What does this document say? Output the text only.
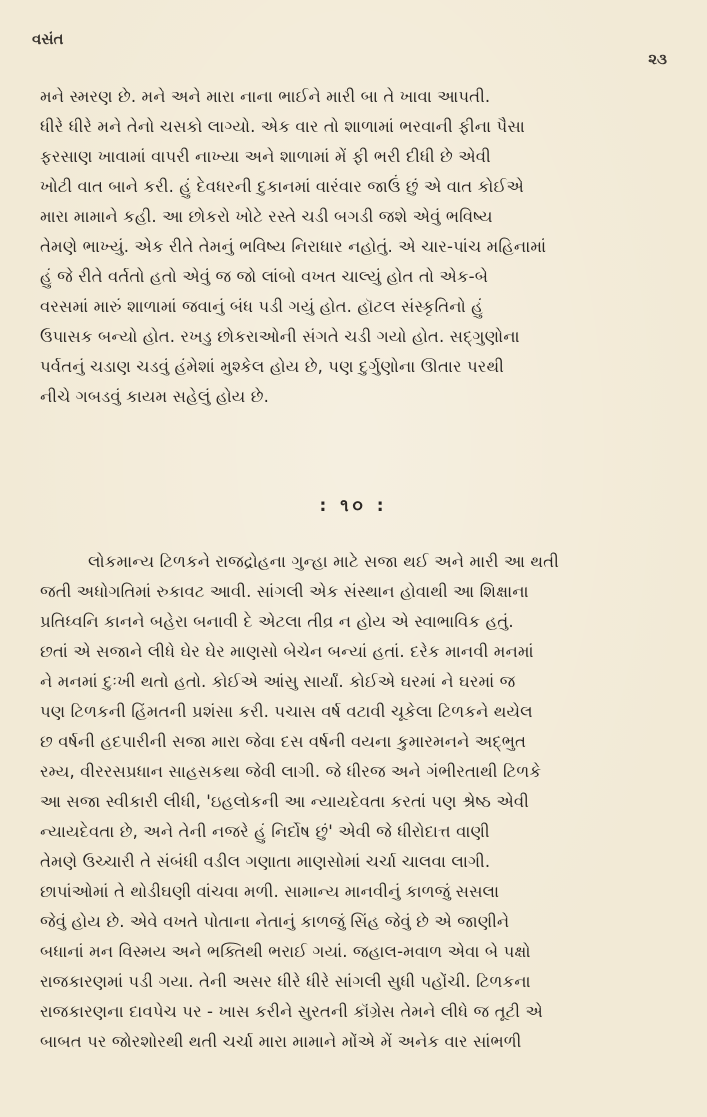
વસંત
૨૩
મને સ્મરણ છે. મને અને મારા નાના ભાઈને મારી બા તે ખાવા આપતી.
ધીરે ધીરે મને તેનો ચસકો લાગ્યો. એક વાર તો શાળામાં ભરવાની ફીના પૈસા
ફરસાણ ખાવામાં વાપરી નાખ્યા અને શાળામાં મેં ફી ભરી દીધી છે એવી
ખોટી વાત બાને કરી. હું દેવધરની દુકાનમાં વારંવાર જાઉં છું એ વાત કોઈએ
મારા મામાને કહી. આ છોકરો ખોટે રસ્તે ચડી બગડી જશે એવું ભવિષ્ય
તેમણે ભાખ્યું. એક રીતે તેમનું ભવિષ્ય નિરાધાર નહોતું. એ ચાર-પાંચ મહિનામાં
હું જે રીતે વર્તતો હતો એવું જ જો લાંબો વખત ચાલ્યું હોત તો એક-બે
વરસમાં મારું શાળામાં જવાનું બંધ પડી ગયું હોત. હૉટલ સંસ્કૃતિનો હું
ઉપાસક બન્યો હોત. રખડુ છોકરાઓની સંગતે ચડી ગયો હોત. સદ્ગુણોના
પર્વતનું ચડાણ ચડવું હંમેશાં મુશ્કેલ હોય છે, પણ દુર્ગુણોના ઊતાર પરથી
નીચે ગબડવું કાયમ સહેલું હોય છે.
: ૧૦ :
લોકમાન્ય ટિળકને રાજદ્રોહના ગુન્હા માટે સજા થઈ અને મારી આ થતી
જતી અધોગતિમાં રુકાવટ આવી. સાંગલી એક સંસ્થાન હોવાથી આ શિક્ષાના
પ્રતિધ્વનિ કાનને બહેરા બનાવી દે એટલા તીવ્ર ન હોય એ સ્વાભાવિક હતું.
છતાં એ સજાને લીધે ઘેર ઘેર માણસો બેચેન બન્યાં હતાં. દરેક માનવી મનમાં
ને મનમાં દુઃખી થતો હતો. કોઈએ આંસુ સાર્યાં. કોઈએ ઘરમાં ને ઘરમાં જ
પણ ટિળકની હિંમતની પ્રશંસા કરી. પચાસ વર્ષ વટાવી ચૂકેલા ટિળકને થયેલ
છ વર્ષની હદપારીની સજા મારા જેવા દસ વર્ષની વયના કુમારમનને અદ્ભુત
રમ્ય, વીરરસપ્રધાન સાહસકથા જેવી લાગી. જે ધીરજ અને ગંભીરતાથી ટિળકે
આ સજા સ્વીકારી લીધી, 'ઇહલોકની આ ન્યાયદેવતા કરતાં પણ શ્રેષ્ઠ એવી
ન્યાયદેવતા છે, અને તેની નજરે હું નિર્દોષ છું' એવી જે ધીરોદાત્ત વાણી
તેમણે ઉચ્ચારી તે સંબંધી વડીલ ગણાતા માણસોમાં ચર્ચા ચાલવા લાગી.
છાપાંઓમાં તે થોડીઘણી વાંચવા મળી. સામાન્ય માનવીનું કાળજું સસલા
જેવું હોય છે. એવે વખતે પોતાના નેતાનું કાળજું સિંહ જેવું છે એ જાણીને
બધાનાં મન વિસ્મય અને ભક્તિથી ભરાઈ ગયાં. જહાલ-મવાળ એવા બે પક્ષો
રાજકારણમાં પડી ગયા. તેની અસર ધીરે ધીરે સાંગલી સુધી પહોંચી. ટિળકના
રાજકારણના દાવપેચ પર - ખાસ કરીને સુરતની કૉંગ્રેસ તેમને લીધે જ તૂટી એ
બાબત પર જોરશોરથી થતી ચર્ચા મારા મામાને મોંએ મેં અનેક વાર સાંભળી
